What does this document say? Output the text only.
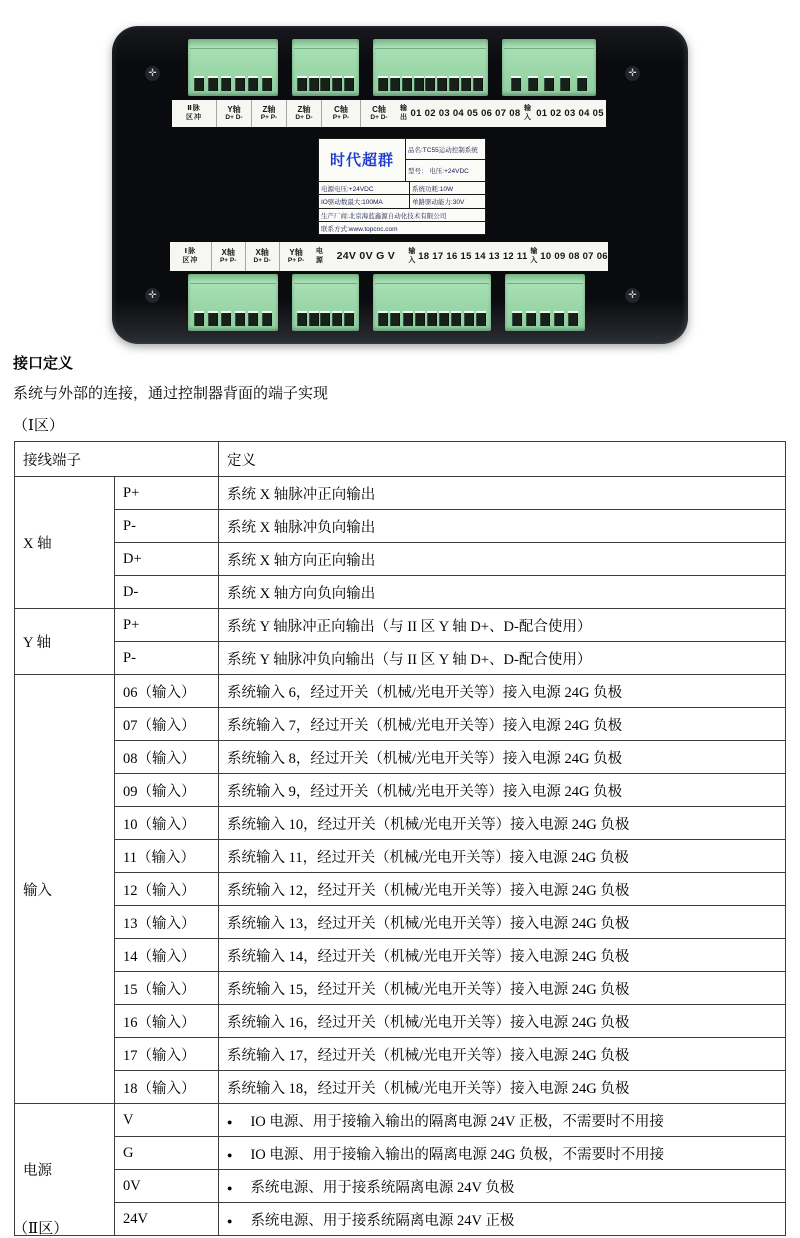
✛	✛
✛	✛
Ⅱ脉
区冲
Y轴
D+ D-
Z轴
P+ P-
Z轴
D+ D-
C轴
P+ P-
C轴
D+ D-
输
出 01 02 03 04 05 06 07 08 输
入 01 02 03 04 05
时代超群
品名:TC55运动控制系统
型号： 电压:+24VDC
电源电压:+24VDC	系统功耗:10W
IO驱动数最大:100MA	单路驱动能力:30V
生产厂商:北京海蓝鑫源自动化技术有限公司
联系方式:www.topcnc.com
Ⅰ脉
区冲
X轴
P+ P-
X轴
D+ D-
Y轴
P+ P-
电
源 24V 0V G V 输
入 18 17 16 15 14 13 12 11 输
入 10 09 08 07 06
接口定义
系统与外部的连接，通过控制器背面的端子实现
（Ⅰ区）
接线端子		定义
X 轴	P+	系统 X 轴脉冲正向输出
	P-	系统 X 轴脉冲负向输出
	D+	系统 X 轴方向正向输出
	D-	系统 X 轴方向负向输出
Y 轴	P+	系统 Y 轴脉冲正向输出（与 II 区 Y 轴 D+、D-配合使用）
	P-	系统 Y 轴脉冲负向输出（与 II 区 Y 轴 D+、D-配合使用）
输入	06（输入）	系统输入 6，经过开关（机械/光电开关等）接入电源 24G 负极
	07（输入）	系统输入 7，经过开关（机械/光电开关等）接入电源 24G 负极
	08（输入）	系统输入 8，经过开关（机械/光电开关等）接入电源 24G 负极
	09（输入）	系统输入 9，经过开关（机械/光电开关等）接入电源 24G 负极
	10（输入）	系统输入 10，经过开关（机械/光电开关等）接入电源 24G 负极
	11（输入）	系统输入 11，经过开关（机械/光电开关等）接入电源 24G 负极
	12（输入）	系统输入 12，经过开关（机械/光电开关等）接入电源 24G 负极
	13（输入）	系统输入 13，经过开关（机械/光电开关等）接入电源 24G 负极
	14（输入）	系统输入 14，经过开关（机械/光电开关等）接入电源 24G 负极
	15（输入）	系统输入 15，经过开关（机械/光电开关等）接入电源 24G 负极
	16（输入）	系统输入 16，经过开关（机械/光电开关等）接入电源 24G 负极
	17（输入）	系统输入 17，经过开关（机械/光电开关等）接入电源 24G 负极
	18（输入）	系统输入 18，经过开关（机械/光电开关等）接入电源 24G 负极
电源	V	● IO 电源、用于接输入输出的隔离电源 24V 正极，不需要时不用接
	G	● IO 电源、用于接输入输出的隔离电源 24G 负极，不需要时不用接
	0V	● 系统电源、用于接系统隔离电源 24V 负极
	24V	● 系统电源、用于接系统隔离电源 24V 正极
（Ⅱ区）
